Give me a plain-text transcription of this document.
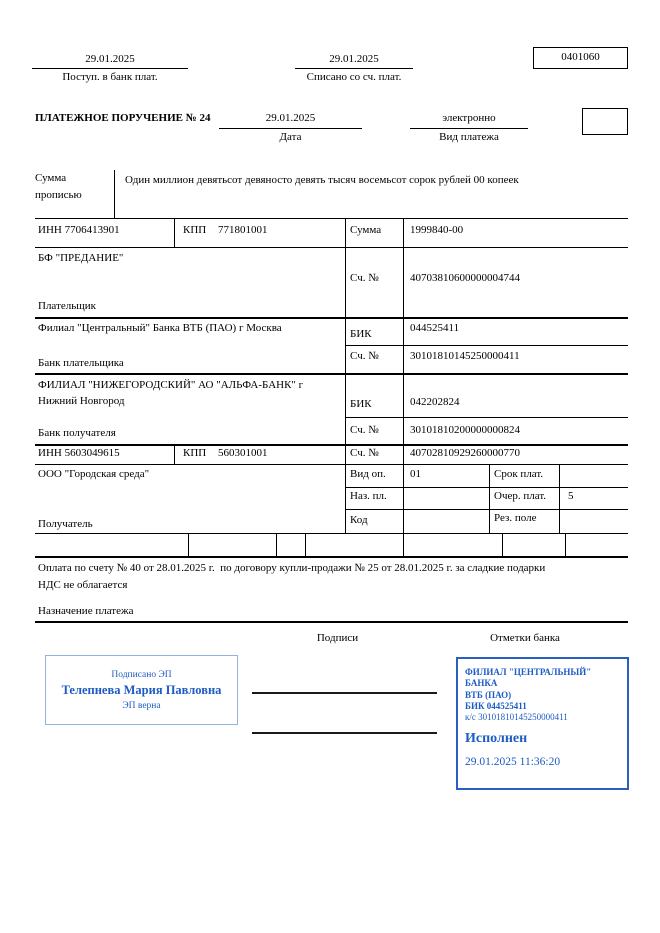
29.01.2025
Поступ. в банк плат.
29.01.2025
Списано со сч. плат.
0401060
ПЛАТЕЖНОЕ ПОРУЧЕНИЕ № 24	29.01.2025
Дата
электронно
Вид платежа
Сумма
прописью
Один миллион девятьсот девяносто девять тысяч восемьсот сорок рублей 00 копеек
ИНН 7706413901	КПП 771801001	Сумма	1999840-00
БФ "ПРЕДАНИЕ"
Плательщик
Сч. №	40703810600000004744
Филиал "Центральный" Банка ВТБ (ПАО) г Москва
Банк плательщика
БИК	044525411
Сч. №	30101810145250000411
ФИЛИАЛ "НИЖЕГОРОДСКИЙ" АО "АЛЬФА-БАНК" г Нижний Новгород
Банк получателя
БИК	042202824
Сч. №	30101810200000000824
ИНН 5603049615	КПП 560301001	Сч. №	40702810929260000770
ООО "Городская среда"
Получатель
Вид оп. 01	Срок плат.
Наз. пл.	Очер. плат. 5
Код	Рез. поле
Оплата по счету № 40 от 28.01.2025 г.  по договору купли-продажи № 25 от 28.01.2025 г. за сладкие подарки
НДС не облагается
Назначение платежа
Подписи	Отметки банка
Подписано ЭП
Телепнева Мария Павловна
ЭП верна
ФИЛИАЛ "ЦЕНТРАЛЬНЫЙ" БАНКА
ВТБ (ПАО)
БИК 044525411
к/с 30101810145250000411
Исполнен
29.01.2025 11:36:20
